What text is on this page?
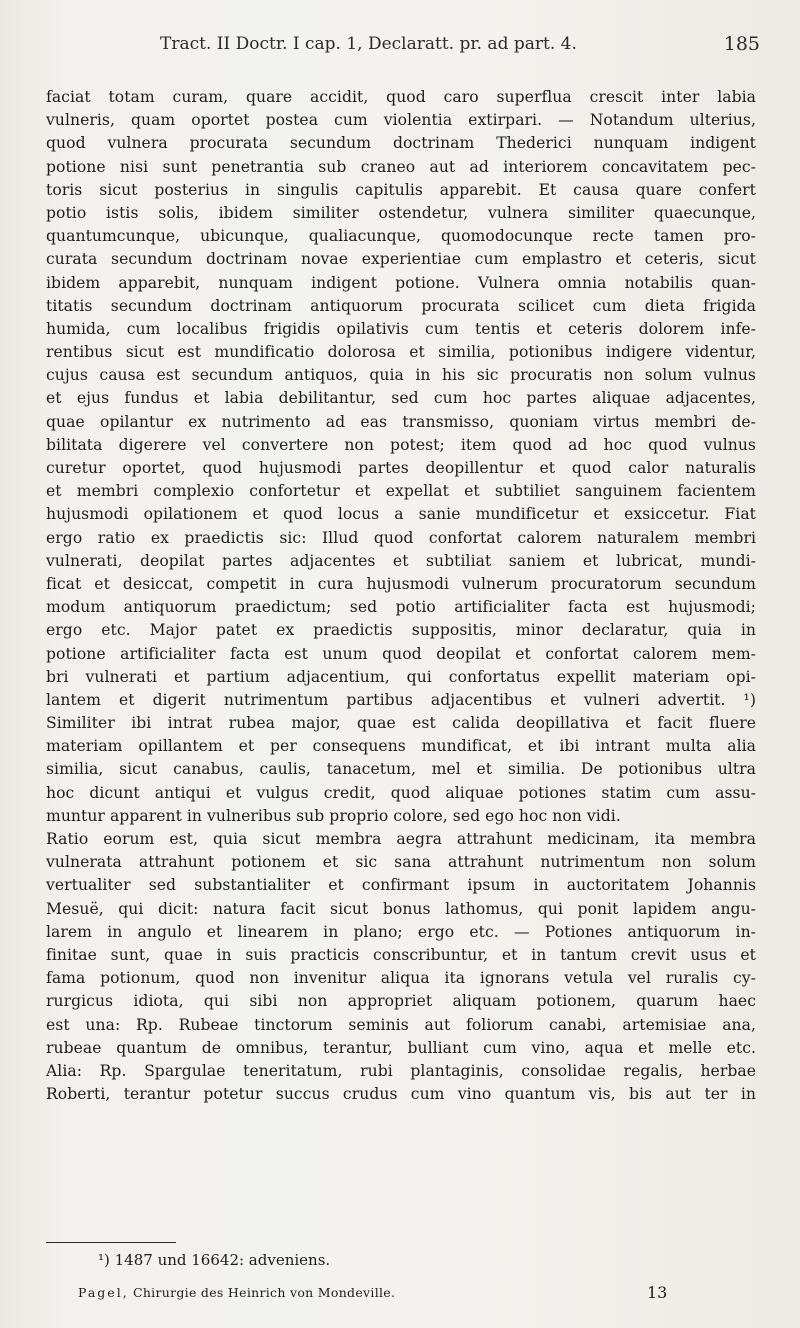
Tract. II Doctr. I cap. 1, Declaratt. pr. ad part. 4.	185
faciat totam curam, quare accidit, quod caro superflua crescit inter labia
vulneris, quam oportet postea cum violentia extirpari. — Notandum ulterius,
quod vulnera procurata secundum doctrinam Thederici nunquam indigent
potione nisi sunt penetrantia sub craneo aut ad interiorem concavitatem pec-
toris sicut posterius in singulis capitulis apparebit. Et causa quare confert
potio istis solis, ibidem similiter ostendetur, vulnera similiter quaecunque,
quantumcunque, ubicunque, qualiacunque, quomodocunque recte tamen pro-
curata secundum doctrinam novae experientiae cum emplastro et ceteris, sicut
ibidem apparebit, nunquam indigent potione. Vulnera omnia notabilis quan-
titatis secundum doctrinam antiquorum procurata scilicet cum dieta frigida
humida, cum localibus frigidis opilativis cum tentis et ceteris dolorem infe-
rentibus sicut est mundificatio dolorosa et similia, potionibus indigere videntur,
cujus causa est secundum antiquos, quia in his sic procuratis non solum vulnus
et ejus fundus et labia debilitantur, sed cum hoc partes aliquae adjacentes,
quae opilantur ex nutrimento ad eas transmisso, quoniam virtus membri de-
bilitata digerere vel convertere non potest; item quod ad hoc quod vulnus
curetur oportet, quod hujusmodi partes deopillentur et quod calor naturalis
et membri complexio confortetur et expellat et subtiliet sanguinem facientem
hujusmodi opilationem et quod locus a sanie mundificetur et exsiccetur. Fiat
ergo ratio ex praedictis sic: Illud quod confortat calorem naturalem membri
vulnerati, deopilat partes adjacentes et subtiliat saniem et lubricat, mundi-
ficat et desiccat, competit in cura hujusmodi vulnerum procuratorum secundum
modum antiquorum praedictum; sed potio artificialiter facta est hujusmodi;
ergo etc. Major patet ex praedictis suppositis, minor declaratur, quia in
potione artificialiter facta est unum quod deopilat et confortat calorem mem-
bri vulnerati et partium adjacentium, qui confortatus expellit materiam opi-
lantem et digerit nutrimentum partibus adjacentibus et vulneri advertit. ¹)
Similiter ibi intrat rubea major, quae est calida deopillativa et facit fluere
materiam opillantem et per consequens mundificat, et ibi intrant multa alia
similia, sicut canabus, caulis, tanacetum, mel et similia. De potionibus ultra
hoc dicunt antiqui et vulgus credit, quod aliquae potiones statim cum assu-
muntur apparent in vulneribus sub proprio colore, sed ego hoc non vidi.
Ratio eorum est, quia sicut membra aegra attrahunt medicinam, ita membra
vulnerata attrahunt potionem et sic sana attrahunt nutrimentum non solum
vertualiter sed substantialiter et confirmant ipsum in auctoritatem Johannis
Mesuë, qui dicit: natura facit sicut bonus lathomus, qui ponit lapidem angu-
larem in angulo et linearem in plano; ergo etc. — Potiones antiquorum in-
finitae sunt, quae in suis practicis conscribuntur, et in tantum crevit usus et
fama potionum, quod non invenitur aliqua ita ignorans vetula vel ruralis cy-
rurgicus idiota, qui sibi non appropriet aliquam potionem, quarum haec
est una: Rp. Rubeae tinctorum seminis aut foliorum canabi, artemisiae ana,
rubeae quantum de omnibus, terantur, bulliant cum vino, aqua et melle etc.
Alia: Rp. Spargulae teneritatum, rubi plantaginis, consolidae regalis, herbae
Roberti, terantur potetur succus crudus cum vino quantum vis, bis aut ter in
¹) 1487 und 16642: adveniens.
Pagel, Chirurgie des Heinrich von Mondeville.	13
